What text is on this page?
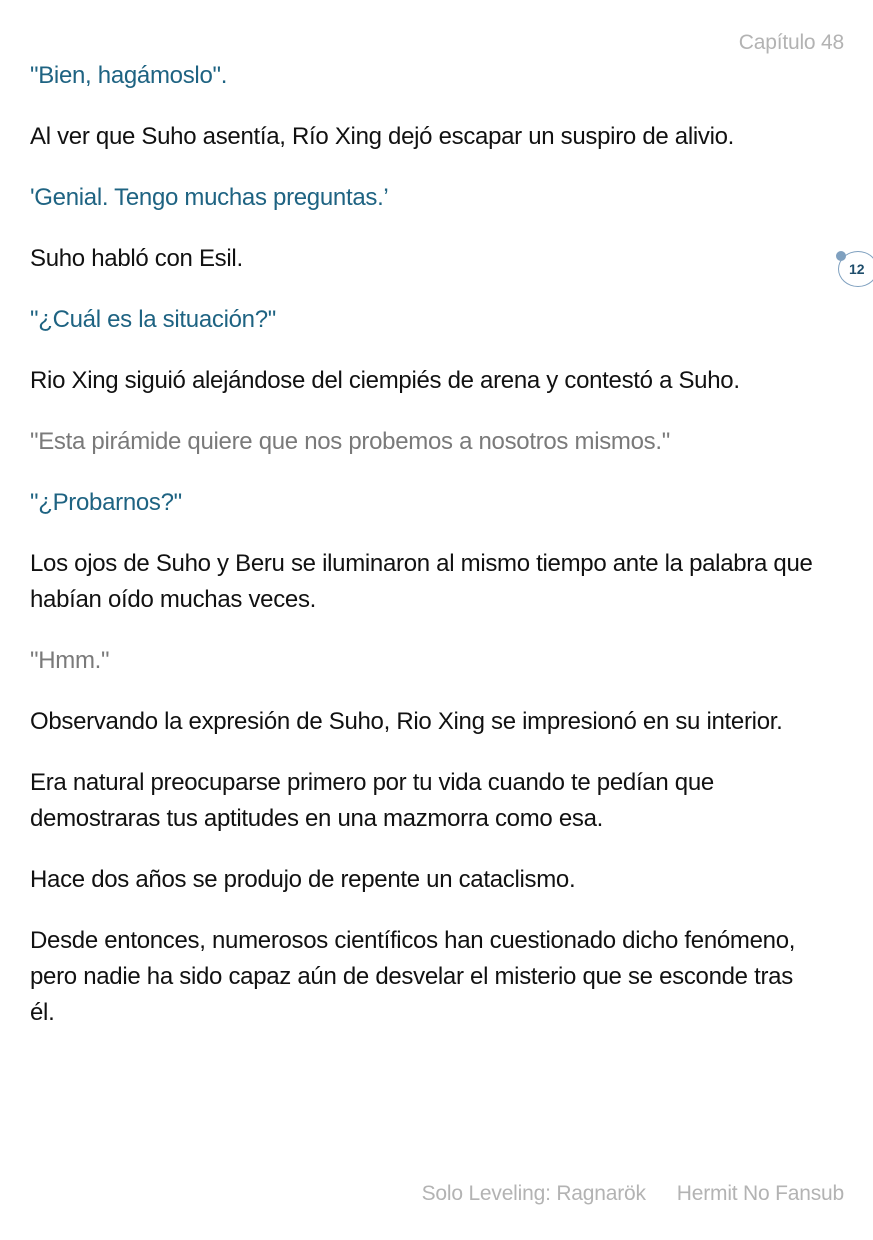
Capítulo 48
12

"Bien, hagámoslo".

Al ver que Suho asentía, Río Xing dejó escapar un suspiro de alivio.

'Genial. Tengo muchas preguntas.’

Suho habló con Esil.

"¿Cuál es la situación?"

Rio Xing siguió alejándose del ciempiés de arena y contestó a Suho.

"Esta pirámide quiere que nos probemos a nosotros mismos."

"¿Probarnos?"

Los ojos de Suho y Beru se iluminaron al mismo tiempo ante la palabra que habían oído muchas veces.

"Hmm."

Observando la expresión de Suho, Rio Xing se impresionó en su interior.

Era natural preocuparse primero por tu vida cuando te pedían que demostraras tus aptitudes en una mazmorra como esa.

Hace dos años se produjo de repente un cataclismo.

Desde entonces, numerosos científicos han cuestionado dicho fenómeno, pero nadie ha sido capaz aún de desvelar el misterio que se esconde tras él.

Solo Leveling: Ragnarök Hermit No Fansub
